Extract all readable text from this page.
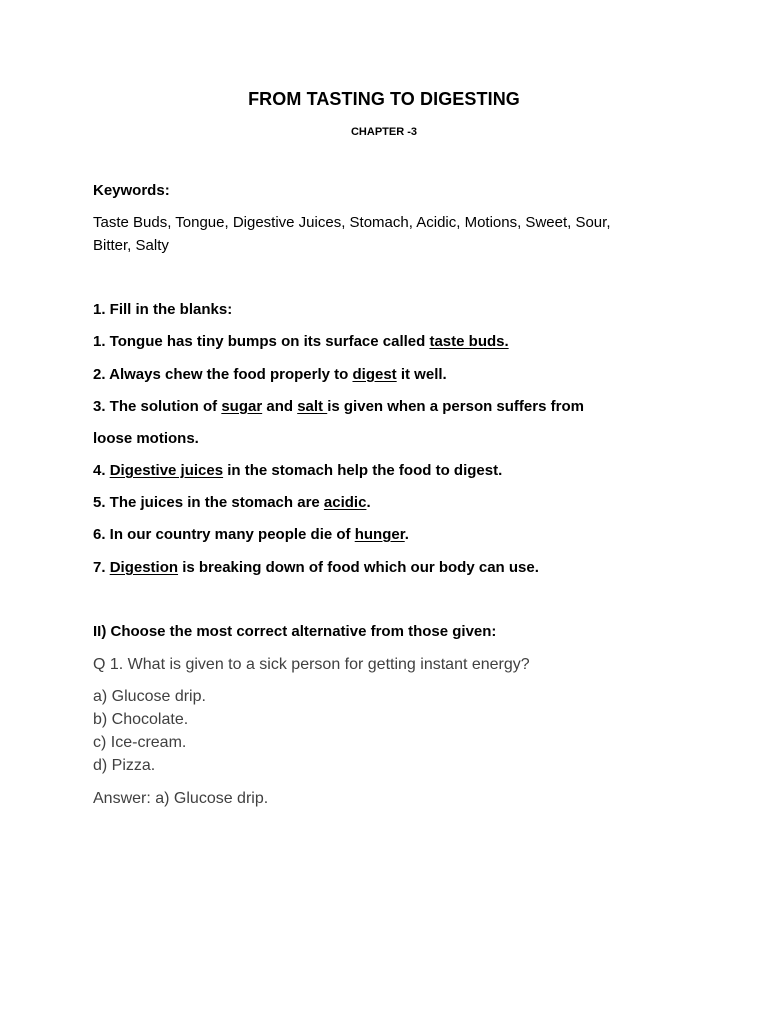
FROM TASTING TO DIGESTING
CHAPTER -3
Keywords:
Taste Buds, Tongue, Digestive Juices, Stomach, Acidic, Motions, Sweet, Sour,
Bitter, Salty
1. Fill in the blanks:
1. Tongue has tiny bumps on its surface called taste buds.
2. Always chew the food properly to digest it well.
3. The solution of sugar and salt is given when a person suffers from
loose motions.
4. Digestive juices in the stomach help the food to digest.
5. The juices in the stomach are acidic.
6. In our country many people die of hunger.
7. Digestion is breaking down of food which our body can use.
II) Choose the most correct alternative from those given:
Q 1. What is given to a sick person for getting instant energy?
a) Glucose drip.
b) Chocolate.
c) Ice-cream.
d) Pizza.
Answer: a) Glucose drip.
